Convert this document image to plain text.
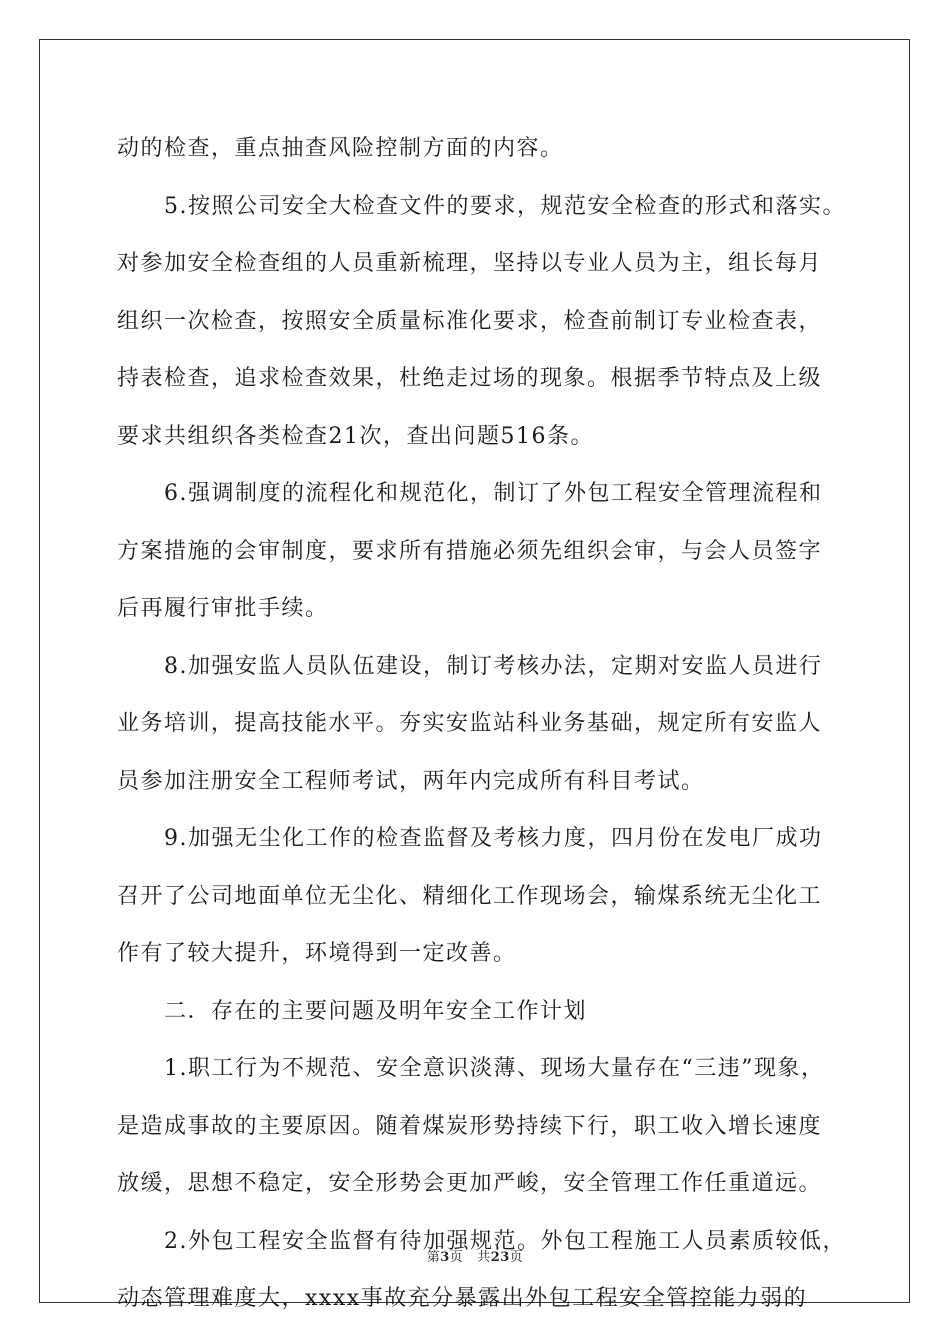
动的检查，重点抽查风险控制方面的内容。
　　5.按照公司安全大检查文件的要求，规范安全检查的形式和落实。
对参加安全检查组的人员重新梳理，坚持以专业人员为主，组长每月
组织一次检查，按照安全质量标准化要求，检查前制订专业检查表，
持表检查，追求检查效果，杜绝走过场的现象。根据季节特点及上级
要求共组织各类检查21次，查出问题516条。
　　6.强调制度的流程化和规范化，制订了外包工程安全管理流程和
方案措施的会审制度，要求所有措施必须先组织会审，与会人员签字
后再履行审批手续。
　　8.加强安监人员队伍建设，制订考核办法，定期对安监人员进行
业务培训，提高技能水平。夯实安监站科业务基础，规定所有安监人
员参加注册安全工程师考试，两年内完成所有科目考试。
　　9.加强无尘化工作的检查监督及考核力度，四月份在发电厂成功
召开了公司地面单位无尘化、精细化工作现场会，输煤系统无尘化工
作有了较大提升，环境得到一定改善。
　　二．存在的主要问题及明年安全工作计划
　　1.职工行为不规范、安全意识淡薄、现场大量存在“三违”现象，
是造成事故的主要原因。随着煤炭形势持续下行，职工收入增长速度
放缓，思想不稳定，安全形势会更加严峻，安全管理工作任重道远。
　　2.外包工程安全监督有待加强规范。外包工程施工人员素质较低，
动态管理难度大，xxxx事故充分暴露出外包工程安全管控能力弱的
第3页 共23页
